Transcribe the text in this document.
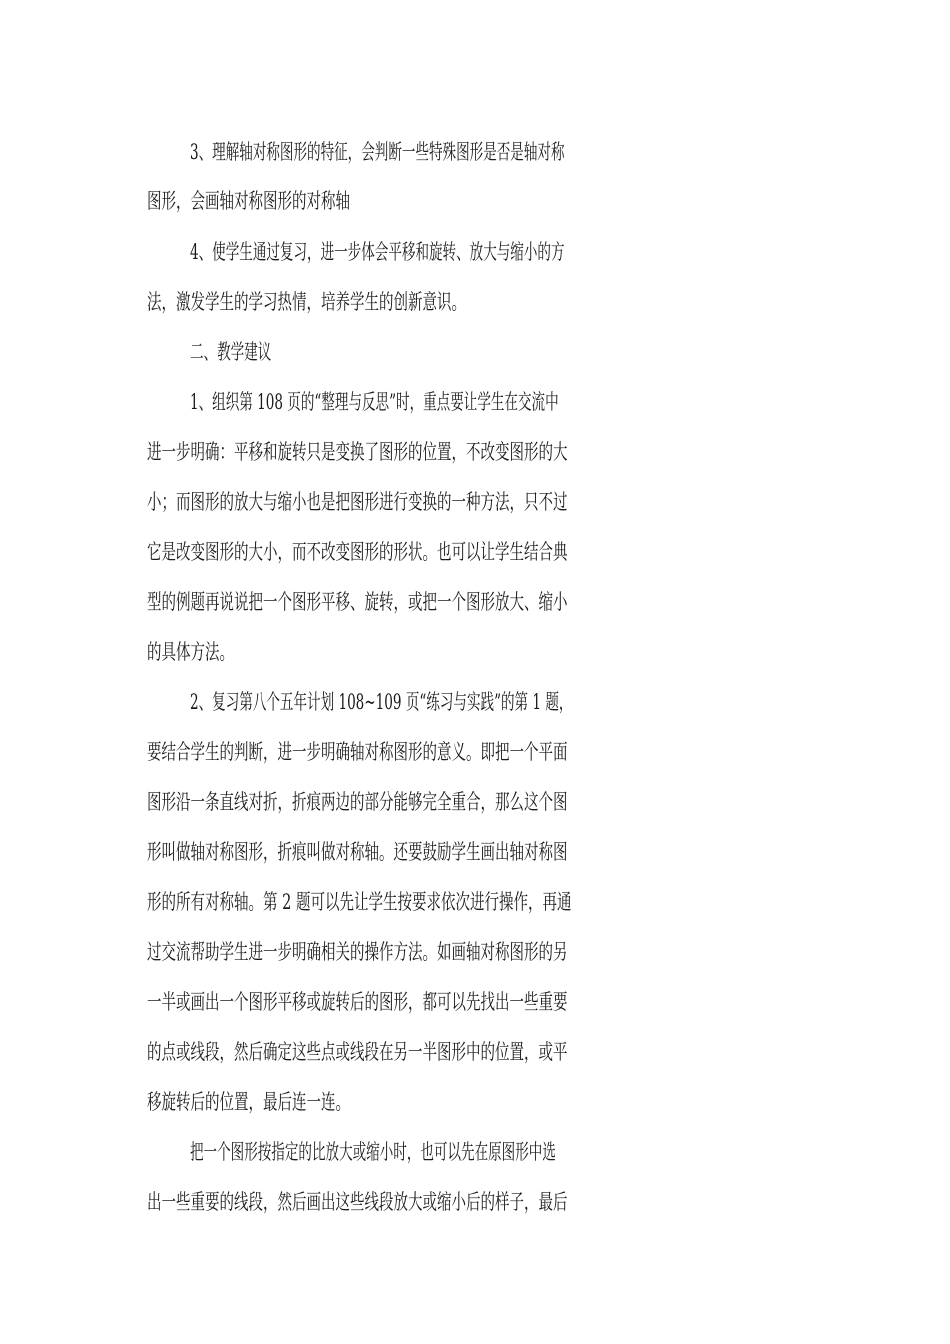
3、理解轴对称图形的特征，会判断一些特殊图形是否是轴对称
图形，会画轴对称图形的对称轴
4、使学生通过复习，进一步体会平移和旋转、放大与缩小的方
法，激发学生的学习热情，培养学生的创新意识。
二、教学建议
1、组织第 108 页的“整理与反思”时，重点要让学生在交流中
进一步明确：平移和旋转只是变换了图形的位置，不改变图形的大
小；而图形的放大与缩小也是把图形进行变换的一种方法，只不过
它是改变图形的大小，而不改变图形的形状。也可以让学生结合典
型的例题再说说把一个图形平移、旋转，或把一个图形放大、缩小
的具体方法。
2、复习第八个五年计划 108~109 页“练习与实践”的第 1 题，
要结合学生的判断，进一步明确轴对称图形的意义。即把一个平面
图形沿一条直线对折，折痕两边的部分能够完全重合，那么这个图
形叫做轴对称图形，折痕叫做对称轴。还要鼓励学生画出轴对称图
形的所有对称轴。第 2 题可以先让学生按要求依次进行操作，再通
过交流帮助学生进一步明确相关的操作方法。如画轴对称图形的另
一半或画出一个图形平移或旋转后的图形，都可以先找出一些重要
的点或线段，然后确定这些点或线段在另一半图形中的位置，或平
移旋转后的位置，最后连一连。
把一个图形按指定的比放大或缩小时，也可以先在原图形中选
出一些重要的线段，然后画出这些线段放大或缩小后的样子，最后
